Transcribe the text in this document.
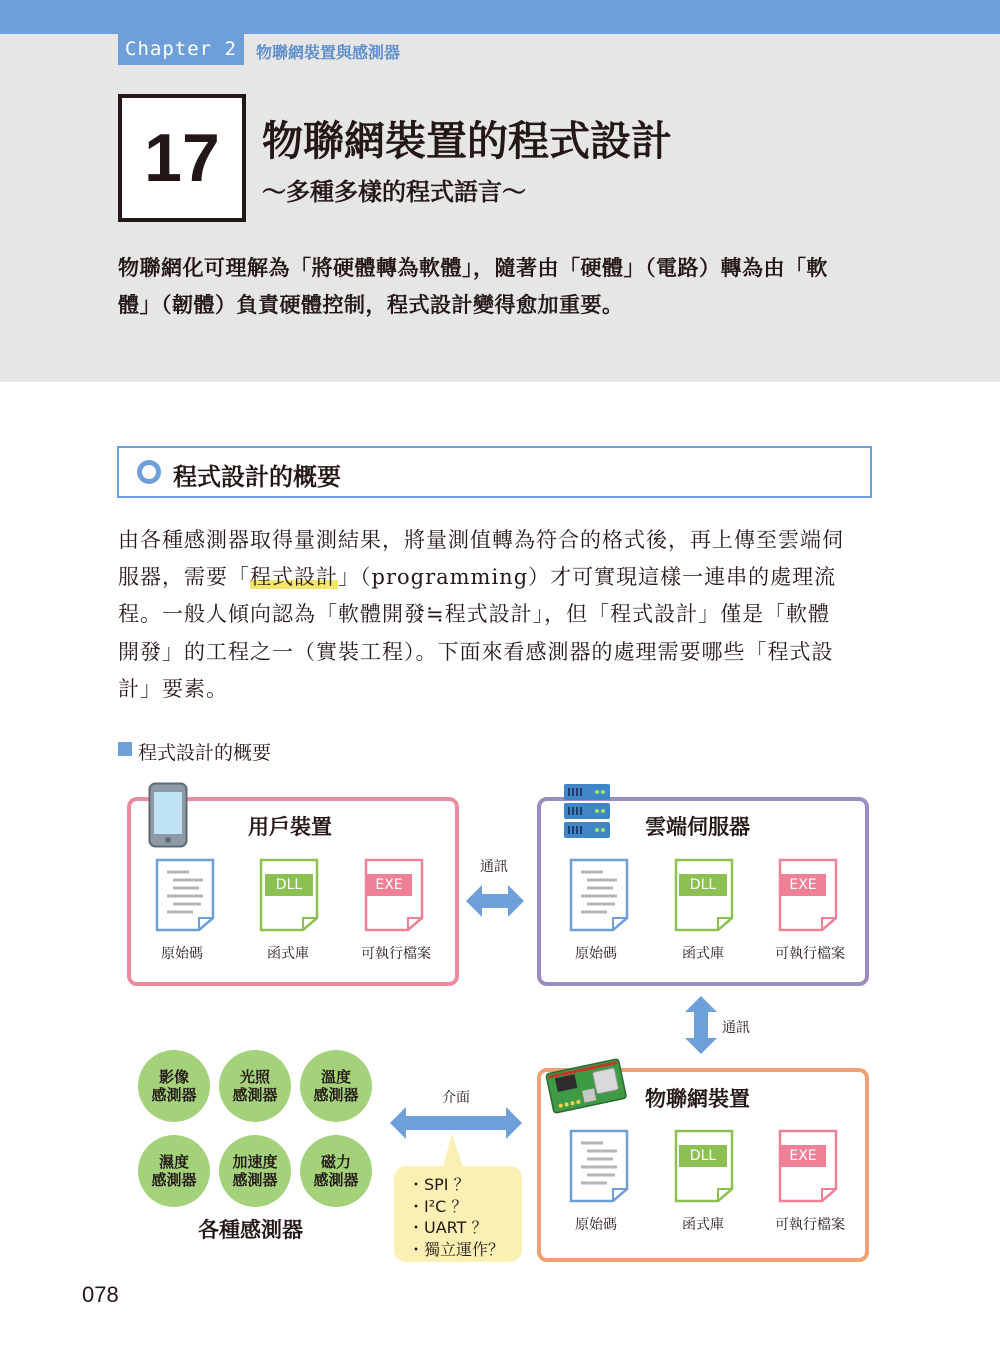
Chapter 2	物聯網裝置與感測器
17	物聯網裝置的程式設計
～多種多樣的程式語言～
物聯網化可理解為「將硬體轉為軟體」，隨著由「硬體」（電路）轉為由「軟
體」（韌體）負責硬體控制，程式設計變得愈加重要。
程式設計的概要
由各種感測器取得量測結果，將量測值轉為符合的格式後，再上傳至雲端伺
服器，需要「程式設計」（programming）才可實現這樣一連串的處理流
程。一般人傾向認為「軟體開發≒程式設計」，但「程式設計」僅是「軟體
開發」的工程之一（實裝工程）。下面來看感測器的處理需要哪些「程式設
計」要素。
程式設計的概要
用戶裝置
DLL	EXE
原始碼	函式庫	可執行檔案
雲端伺服器
DLL	EXE
原始碼	函式庫	可執行檔案
通訊
通訊
影像
感測器
光照
感測器
溫度
感測器
濕度
感測器
加速度
感測器
磁力
感測器
各種感測器
介面
・SPI ？
・I²C ？
・UART ？
・獨立運作？
物聯網裝置
DLL	EXE
原始碼	函式庫	可執行檔案
078
